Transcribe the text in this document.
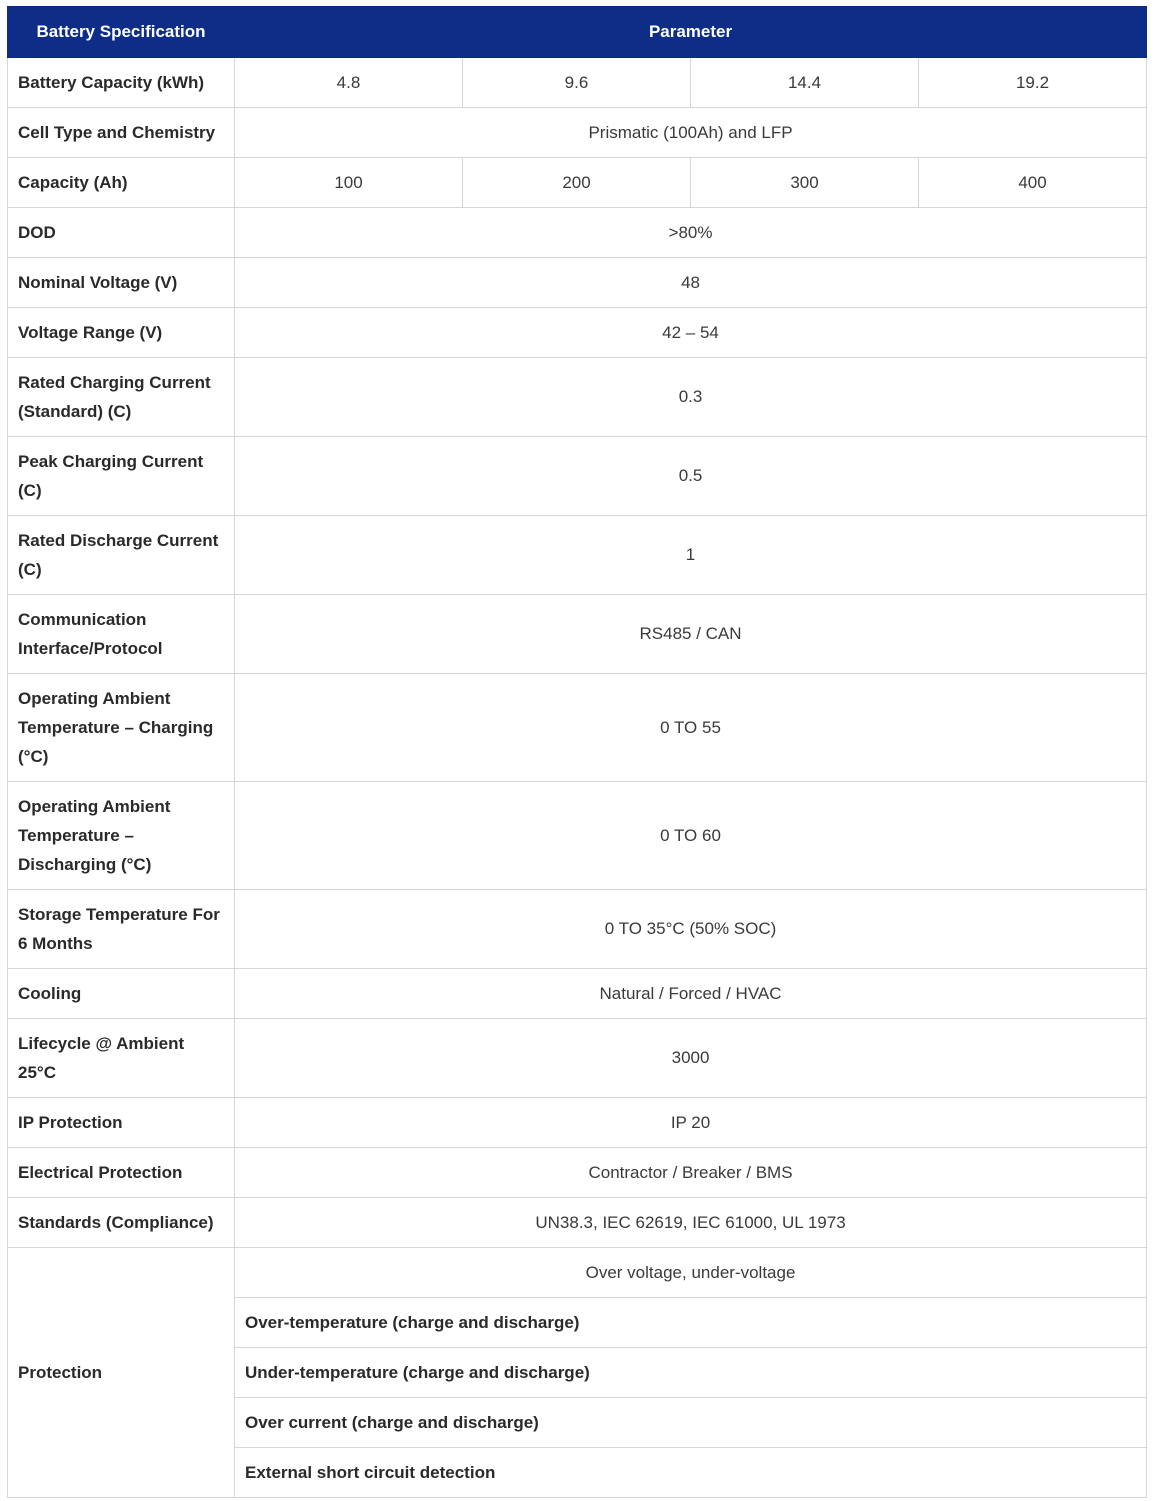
Battery Specification	Parameter			
Battery Capacity (kWh)	4.8	9.6	14.4	19.2
Cell Type and Chemistry	Prismatic (100Ah) and LFP			
Capacity (Ah)	100	200	300	400
DOD	>80%			
Nominal Voltage (V)	48			
Voltage Range (V)	42 – 54			
Rated Charging Current (Standard) (C)	0.3			
Peak Charging Current (C)	0.5			
Rated Discharge Current (C)	1			
Communication Interface/Protocol	RS485 / CAN			
Operating Ambient Temperature – Charging (°C)	0 TO 55			
Operating Ambient Temperature – Discharging (°C)	0 TO 60			
Storage Temperature For 6 Months	0 TO 35°C (50% SOC)			
Cooling	Natural / Forced / HVAC			
Lifecycle @ Ambient 25°C	3000			
IP Protection	IP 20			
Electrical Protection	Contractor / Breaker / BMS			
Standards (Compliance)	UN38.3, IEC 62619, IEC 61000, UL 1973			
Protection	Over voltage, under-voltage			
	Over-temperature (charge and discharge)			
	Under-temperature (charge and discharge)			
	Over current (charge and discharge)			
	External short circuit detection			
